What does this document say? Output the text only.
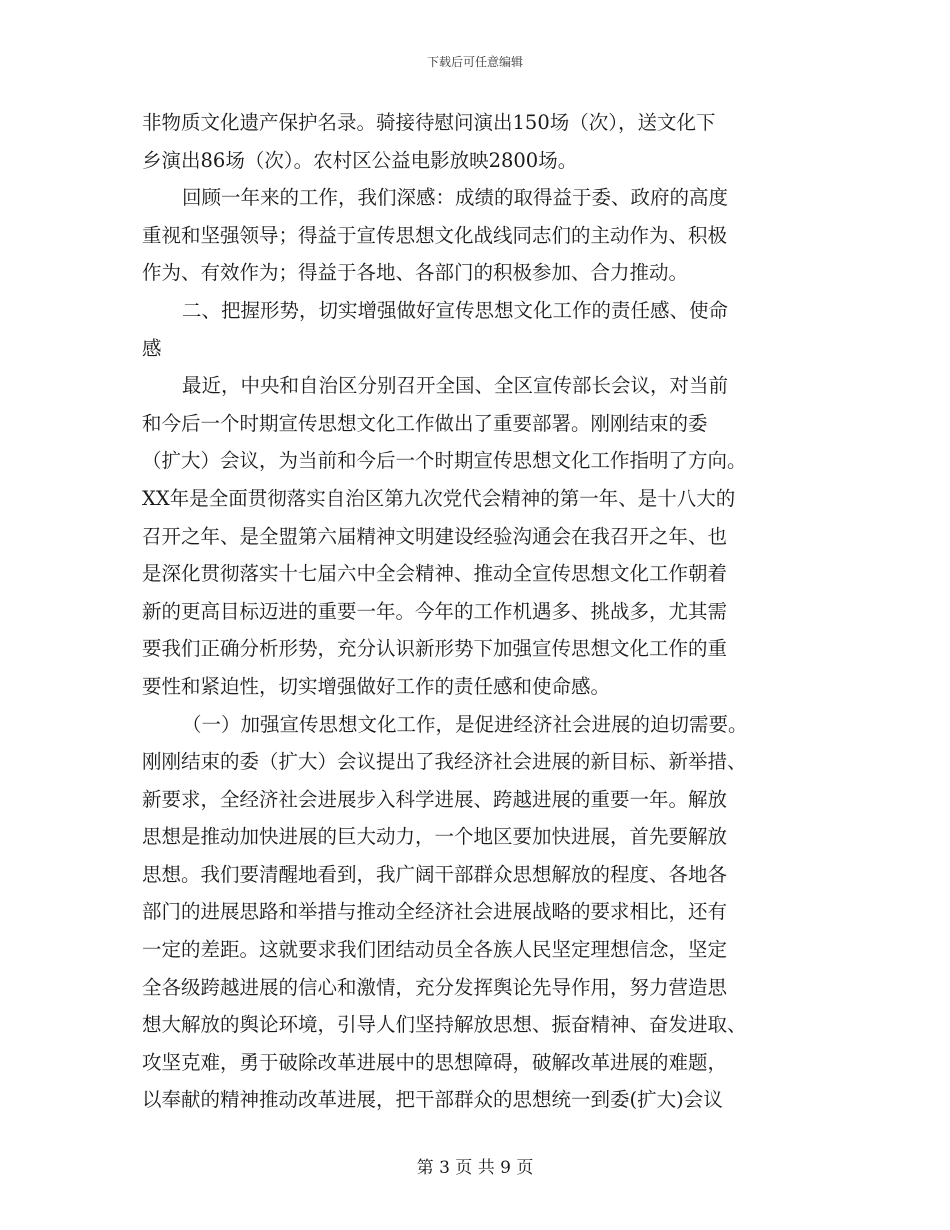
下载后可任意编辑
非物质文化遗产保护名录。骑接待慰问演出150场（次），送文化下
乡演出86场（次）。农村区公益电影放映2800场。
回顾一年来的工作，我们深感：成绩的取得益于委、政府的高度
重视和坚强领导；得益于宣传思想文化战线同志们的主动作为、积极
作为、有效作为；得益于各地、各部门的积极参加、合力推动。
二、把握形势，切实增强做好宣传思想文化工作的责任感、使命
感
最近，中央和自治区分别召开全国、全区宣传部长会议，对当前
和今后一个时期宣传思想文化工作做出了重要部署。刚刚结束的委
（扩大）会议，为当前和今后一个时期宣传思想文化工作指明了方向。
XX年是全面贯彻落实自治区第九次党代会精神的第一年、是十八大的
召开之年、是全盟第六届精神文明建设经验沟通会在我召开之年、也
是深化贯彻落实十七届六中全会精神、推动全宣传思想文化工作朝着
新的更高目标迈进的重要一年。今年的工作机遇多、挑战多，尤其需
要我们正确分析形势，充分认识新形势下加强宣传思想文化工作的重
要性和紧迫性，切实增强做好工作的责任感和使命感。
（一）加强宣传思想文化工作，是促进经济社会进展的迫切需要。
刚刚结束的委（扩大）会议提出了我经济社会进展的新目标、新举措、
新要求，全经济社会进展步入科学进展、跨越进展的重要一年。解放
思想是推动加快进展的巨大动力，一个地区要加快进展，首先要解放
思想。我们要清醒地看到，我广阔干部群众思想解放的程度、各地各
部门的进展思路和举措与推动全经济社会进展战略的要求相比，还有
一定的差距。这就要求我们团结动员全各族人民坚定理想信念，坚定
全各级跨越进展的信心和激情，充分发挥舆论先导作用，努力营造思
想大解放的舆论环境，引导人们坚持解放思想、振奋精神、奋发进取、
攻坚克难，勇于破除改革进展中的思想障碍，破解改革进展的难题，
以奉献的精神推动改革进展，把干部群众的思想统一到委(扩大)会议
第 3 页 共 9 页
